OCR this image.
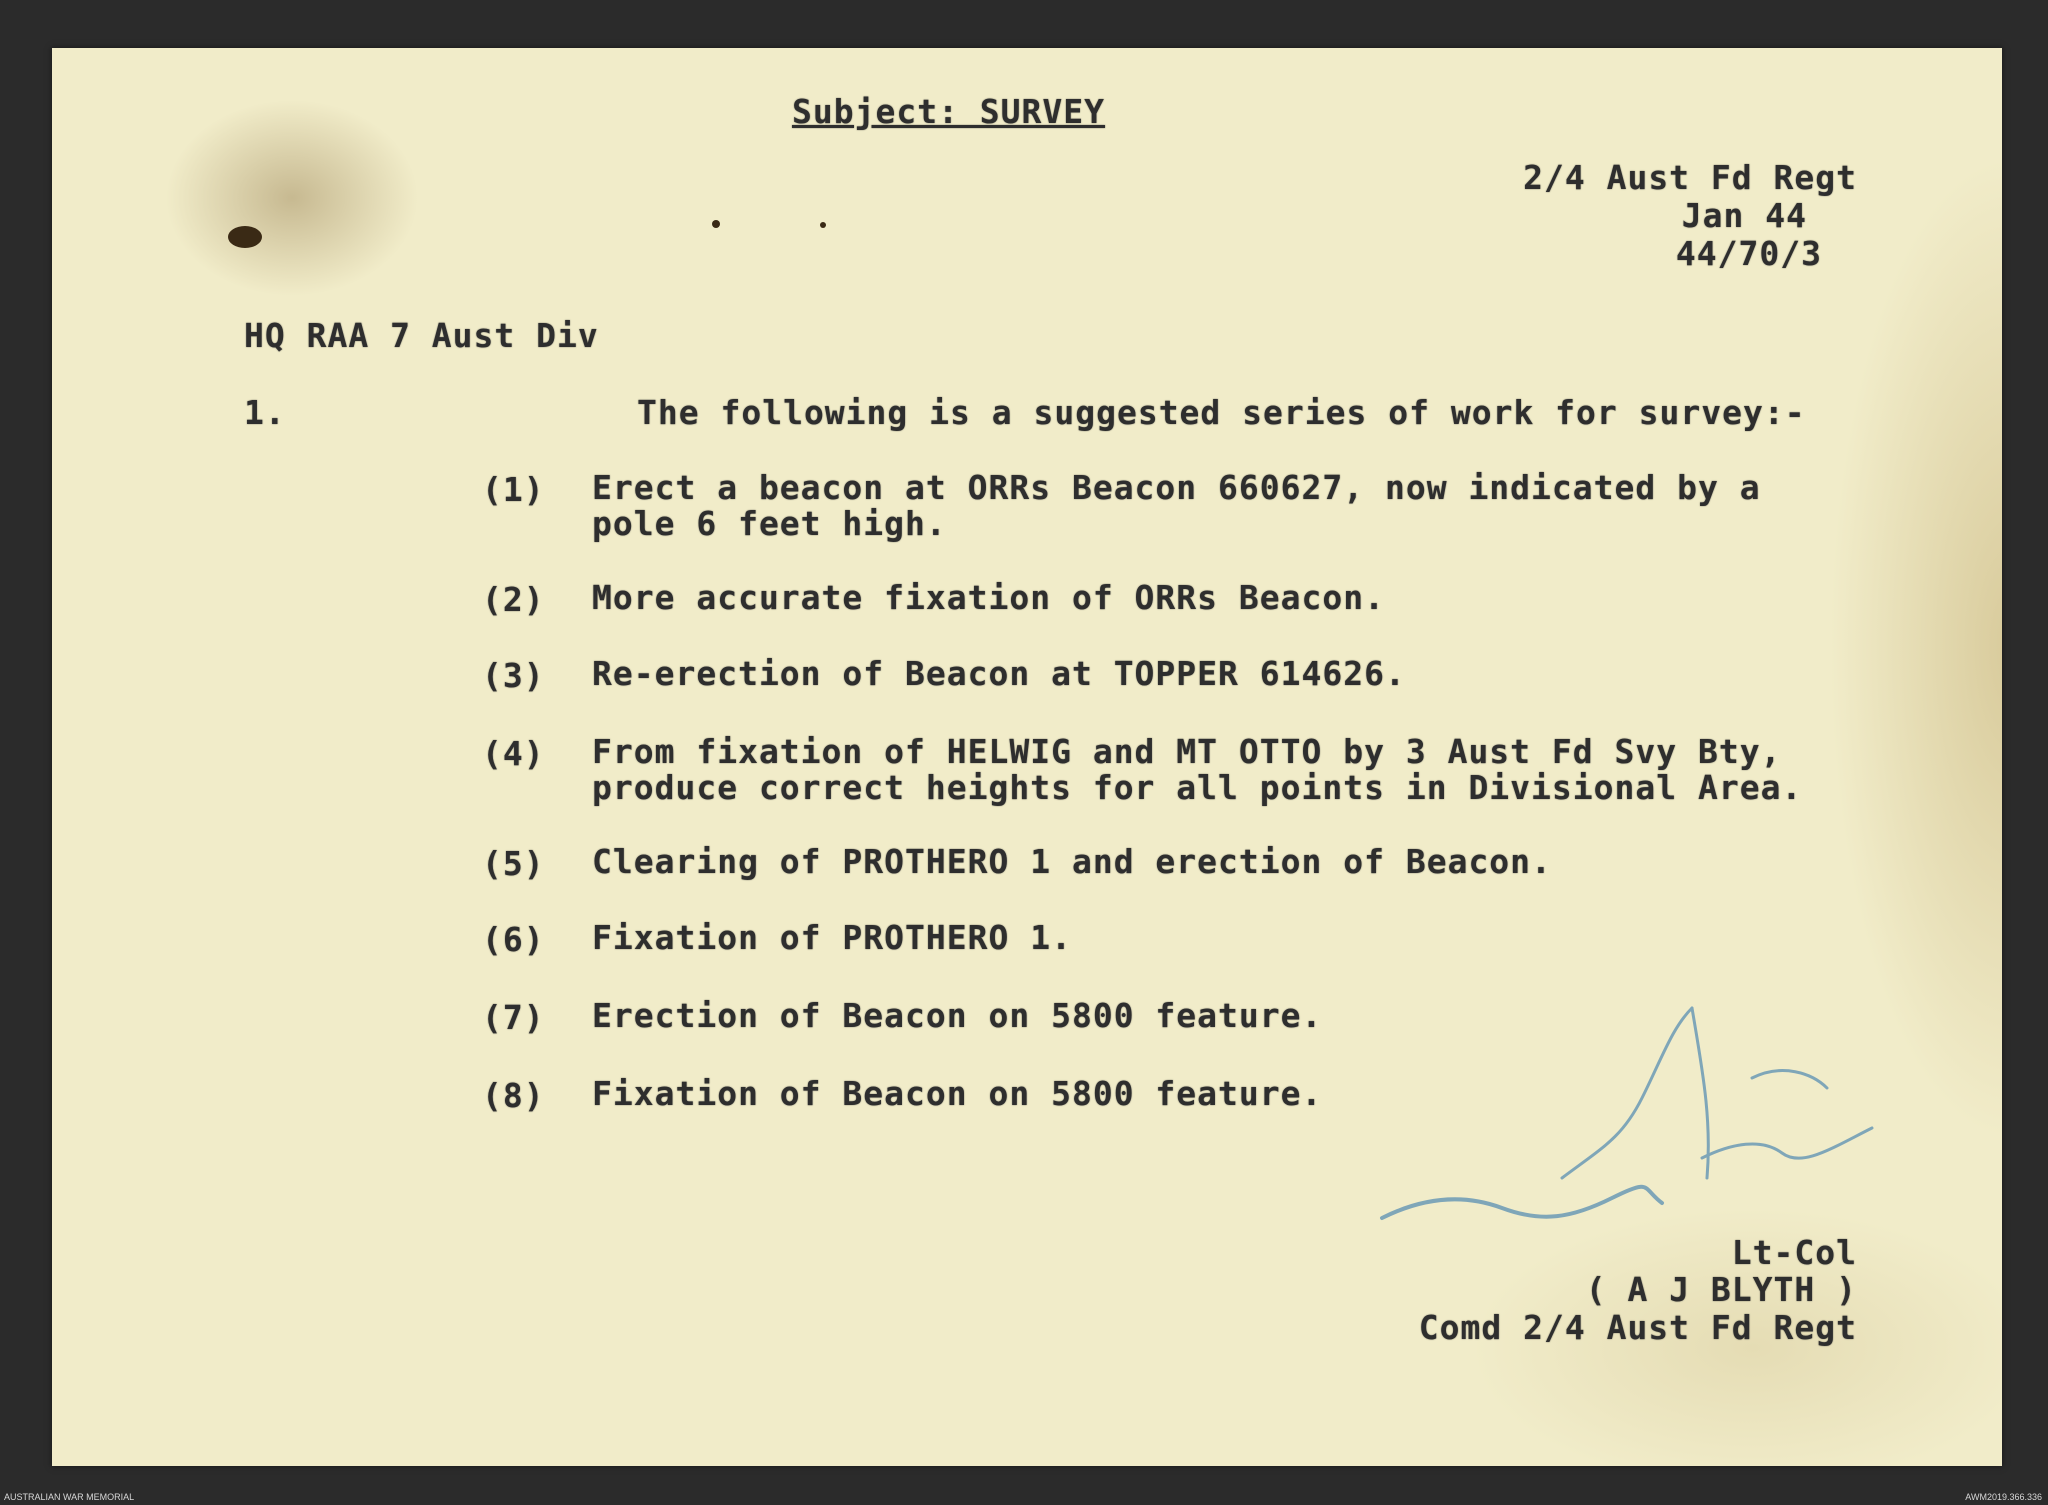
Subject: SURVEY
2/4 Aust Fd Regt
Jan 44
44/70/3
HQ RAA 7 Aust Div
1.	The following is a suggested series of work for survey:-
(1) Erect a beacon at ORRs Beacon 660627, now indicated by a
pole 6 feet high.
(2) More accurate fixation of ORRs Beacon.
(3) Re-erection of Beacon at TOPPER 614626.
(4) From fixation of HELWIG and MT OTTO by 3 Aust Fd Svy Bty,
produce correct heights for all points in Divisional Area.
(5) Clearing of PROTHERO 1 and erection of Beacon.
(6) Fixation of PROTHERO 1.
(7) Erection of Beacon on 5800 feature.
(8) Fixation of Beacon on 5800 feature.
Lt-Col
( A J BLYTH )
Comd 2/4 Aust Fd Regt
AUSTRALIAN WAR MEMORIAL	AWM2019.366.336
